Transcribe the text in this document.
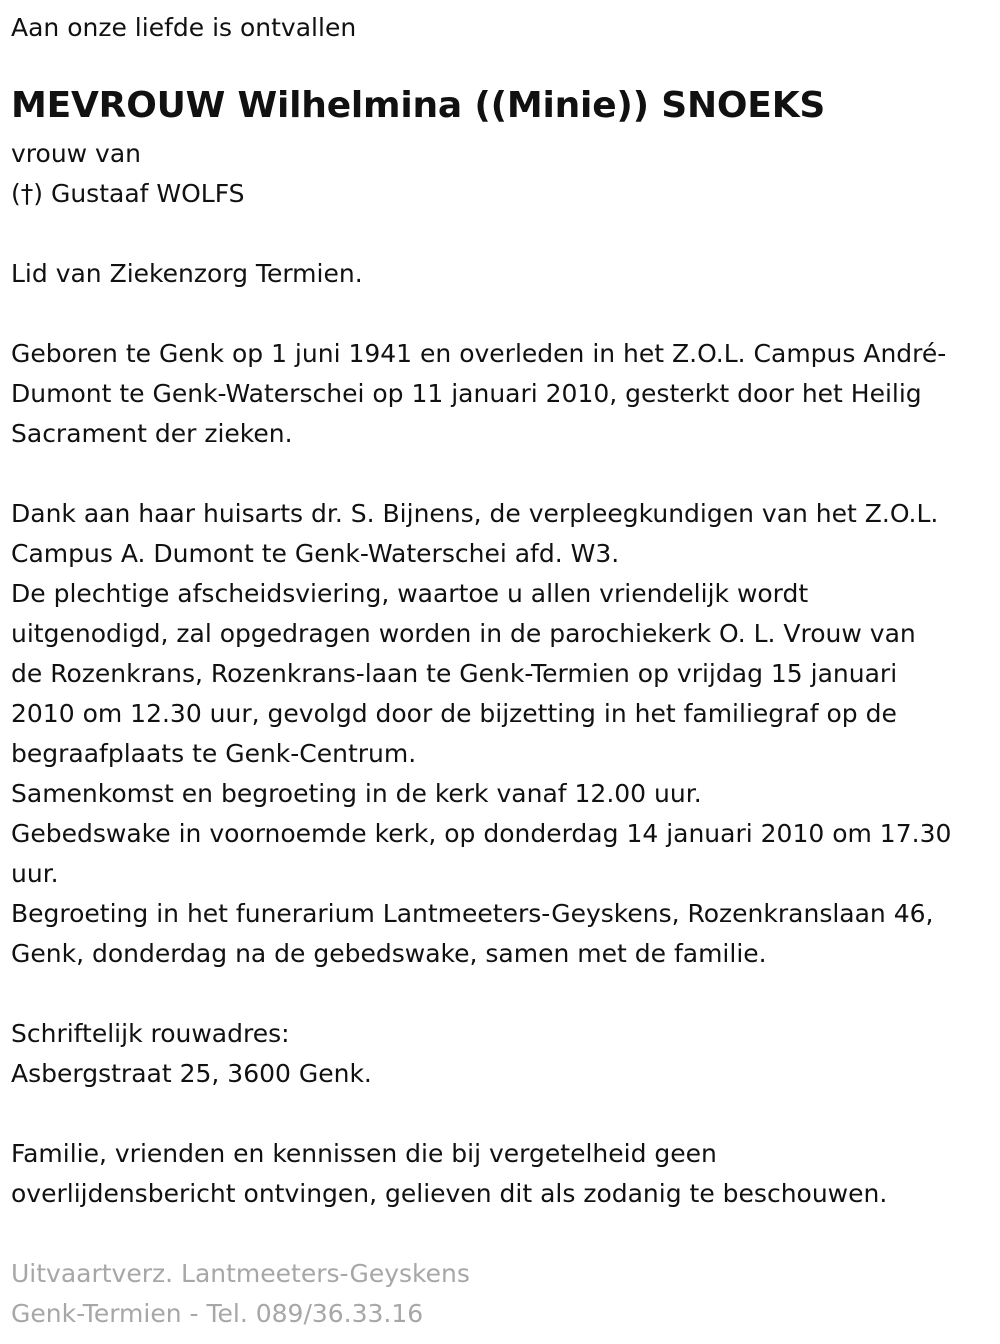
Aan onze liefde is ontvallen

MEVROUW Wilhelmina ((Minie)) SNOEKS

vrouw van

(†) Gustaaf WOLFS

Lid van Ziekenzorg Termien.

Geboren te Genk op 1 juni 1941 en overleden in het Z.O.L. Campus André-

Dumont te Genk-Waterschei op 11 januari 2010, gesterkt door het Heilig

Sacrament der zieken.

Dank aan haar huisarts dr. S. Bijnens, de verpleegkundigen van het Z.O.L.

Campus A. Dumont te Genk-Waterschei afd. W3.

De plechtige afscheidsviering, waartoe u allen vriendelijk wordt

uitgenodigd, zal opgedragen worden in de parochiekerk O. L. Vrouw van

de Rozenkrans, Rozenkrans-laan te Genk-Termien op vrijdag 15 januari

2010 om 12.30 uur, gevolgd door de bijzetting in het familiegraf op de

begraafplaats te Genk-Centrum.

Samenkomst en begroeting in de kerk vanaf 12.00 uur.

Gebedswake in voornoemde kerk, op donderdag 14 januari 2010 om 17.30

uur.

Begroeting in het funerarium Lantmeeters-Geyskens, Rozenkranslaan 46,

Genk, donderdag na de gebedswake, samen met de familie.

Schriftelijk rouwadres:

Asbergstraat 25, 3600 Genk.

Familie, vrienden en kennissen die bij vergetelheid geen

overlijdensbericht ontvingen, gelieven dit als zodanig te beschouwen.

Uitvaartverz. Lantmeeters-Geyskens

Genk-Termien - Tel. 089/36.33.16
